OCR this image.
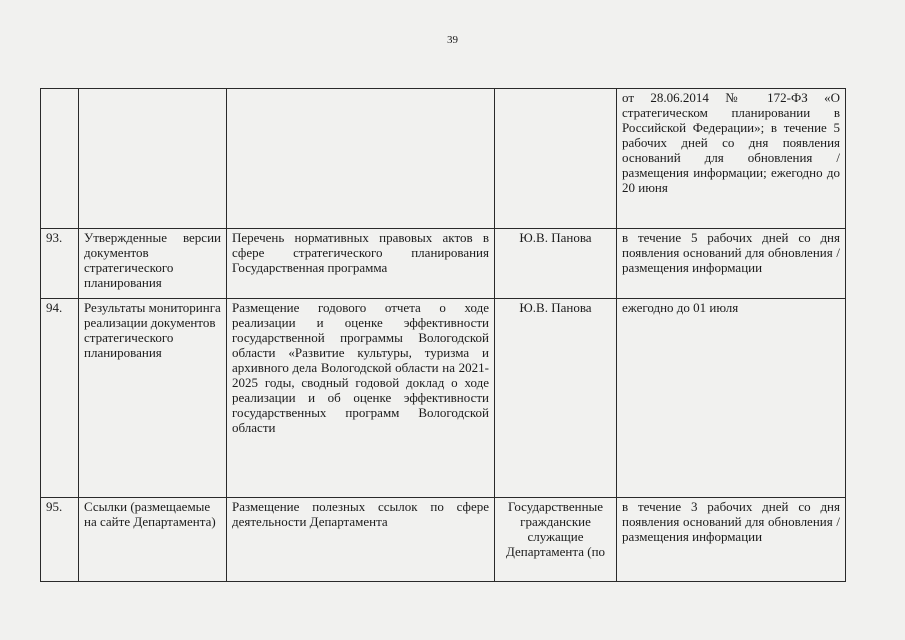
39
				от 28.06.2014 № 172-ФЗ «О стратегическом планировании в Российской Федерации»; в течение 5 рабочих дней со дня появления оснований для обновления /размещения информации; ежегодно до 20 июня
93.	Утвержденные версии документов стратегического планирования	Перечень нормативных правовых актов в сфере стратегического планирования Государственная программа	Ю.В. Панова	в течение 5 рабочих дней со дня появления оснований для обновления /размещения информации
94.	Результаты мониторинга реализации документов стратегического планирования	Размещение годового отчета о ходе реализации и оценке эффективности государственной программы Вологодской области «Развитие культуры, туризма и архивного дела Вологодской области на 2021-2025 годы, сводный годовой доклад о ходе реализации и об оценке эффективности государственных программ Вологодской области	Ю.В. Панова	ежегодно до 01 июля
95.	Ссылки (размещаемые на сайте Департамента)	Размещение полезных ссылок по сфере деятельности Департамента	Государственные гражданские служащие Департамента (по	в течение 3 рабочих дней со дня появления оснований для обновления /размещения информации
